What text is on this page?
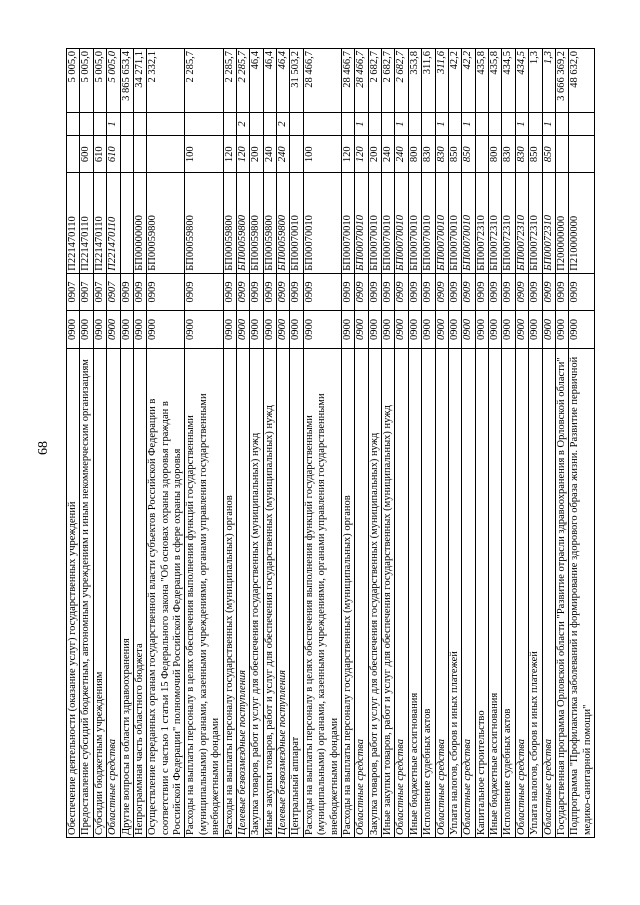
68
Обеспечение деятельности (оказание услуг) государственных учреждений	0900	0907	П221470110			5 005,0
Предоставление субсидий бюджетным, автономным учреждениям и иным некоммерческим организациям	0900	0907	П221470110	600		5 005,0
Субсидии бюджетным учреждениям	0900	0907	П221470110	610		5 005,0
Областные средства	0900	0907	П221470110	610	1	5 005,0
Другие вопросы в области здравоохранения	0900	0909				3 865 653,4
Непрограммная часть областного бюджета	0900	0909	БП00000000			34 271,1
Осуществление переданных органам государственной власти субъектов Российской Федерации в соответствии с частью 1 статьи 15 Федерального закона "Об основах охраны здоровья граждан в Российской Федерации" полномочий Российской Федерации в сфере охраны здоровья	0900	0909	БП00059800			2 332,1
Расходы на выплаты персоналу в целях обеспечения выполнения функций государственными (муниципальными) органами, казенными учреждениями, органами управления государственными внебюджетными фондами	0900	0909	БП00059800	100		2 285,7
Расходы на выплаты персоналу государственных (муниципальных) органов	0900	0909	БП00059800	120		2 285,7
Целевые безвозмездные поступления	0900	0909	БП00059800	120	2	2 285,7
Закупка товаров, работ и услуг для обеспечения государственных (муниципальных) нужд	0900	0909	БП00059800	200		46,4
Иные закупки товаров, работ и услуг для обеспечения государственных (муниципальных) нужд	0900	0909	БП00059800	240		46,4
Целевые безвозмездные поступления	0900	0909	БП00059800	240	2	46,4
Центральный аппарат	0900	0909	БП00070010			31 503,2
Расходы на выплаты персоналу в целях обеспечения выполнения функций государственными (муниципальными) органами, казенными учреждениями, органами управления государственными внебюджетными фондами	0900	0909	БП00070010	100		28 466,7
Расходы на выплаты персоналу государственных (муниципальных) органов	0900	0909	БП00070010	120		28 466,7
Областные средства	0900	0909	БП00070010	120	1	28 466,7
Закупка товаров, работ и услуг для обеспечения государственных (муниципальных) нужд	0900	0909	БП00070010	200		2 682,7
Иные закупки товаров, работ и услуг для обеспечения государственных (муниципальных) нужд	0900	0909	БП00070010	240		2 682,7
Областные средства	0900	0909	БП00070010	240	1	2 682,7
Иные бюджетные ассигнования	0900	0909	БП00070010	800		353,8
Исполнение судебных актов	0900	0909	БП00070010	830		311,6
Областные средства	0900	0909	БП00070010	830	1	311,6
Уплата налогов, сборов и иных платежей	0900	0909	БП00070010	850		42,2
Областные средства	0900	0909	БП00070010	850	1	42,2
Капитальное строительство	0900	0909	БП00072310			435,8
Иные бюджетные ассигнования	0900	0909	БП00072310	800		435,8
Исполнение судебных актов	0900	0909	БП00072310	830		434,5
Областные средства	0900	0909	БП00072310	830	1	434,5
Уплата налогов, сборов и иных платежей	0900	0909	БП00072310	850		1,3
Областные средства	0900	0909	БП00072310	850	1	1,3
Государственная программа Орловской области "Развитие отрасли здравоохранения в Орловской области"	0900	0909	П200000000			3 666 369,2
Подпрограмма "Профилактика заболеваний и формирование здорового образа жизни. Развитие первичной медико-санитарной помощи"	0900	0909	П210000000			48 632,0
